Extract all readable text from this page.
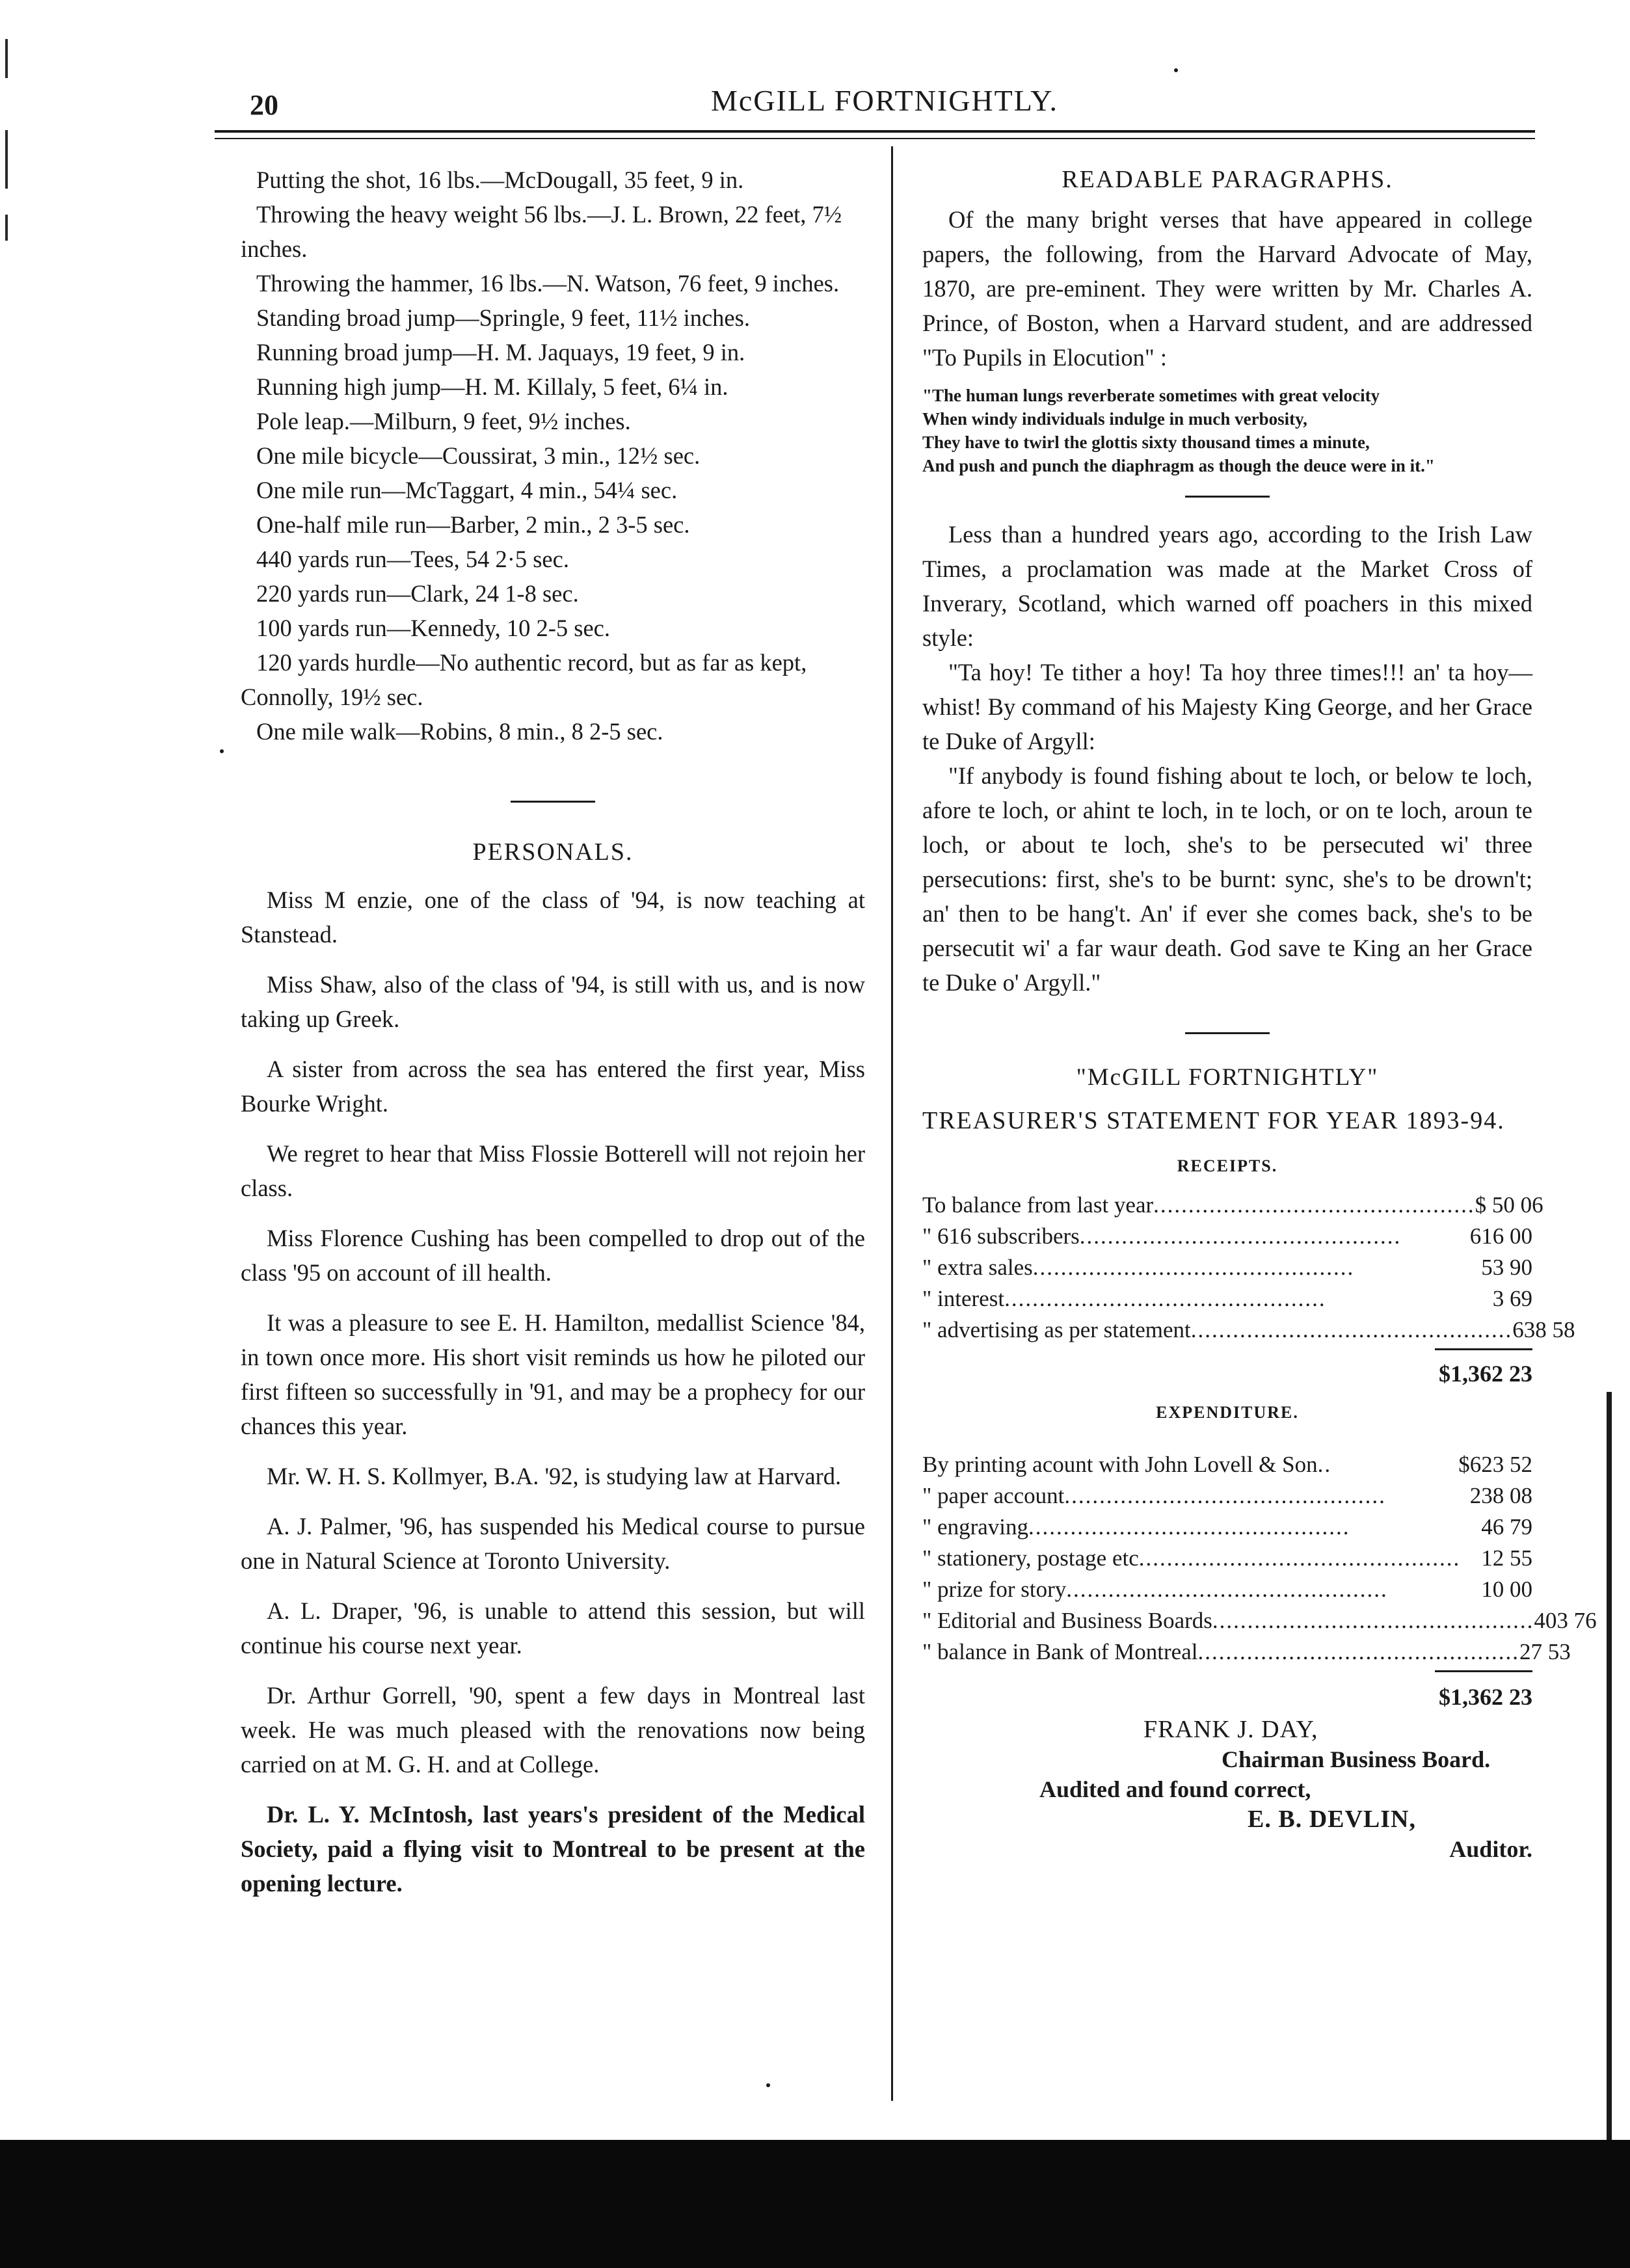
20	McGILL FORTNIGHTLY.

Putting the shot, 16 lbs.—McDougall, 35 feet, 9 in.

Throwing the heavy weight 56 lbs.—J. L. Brown, 22 feet, 7½ inches.

Throwing the hammer, 16 lbs.—N. Watson, 76 feet, 9 inches.

Standing broad jump—Springle, 9 feet, 11½ inches.

Running broad jump—H. M. Jaquays, 19 feet, 9 in.

Running high jump—H. M. Killaly, 5 feet, 6¼ in.

Pole leap.—Milburn, 9 feet, 9½ inches.

One mile bicycle—Coussirat, 3 min., 12½ sec.

One mile run—McTaggart, 4 min., 54¼ sec.

One-half mile run—Barber, 2 min., 2 3-5 sec.

440 yards run—Tees, 54 2·5 sec.

220 yards run—Clark, 24 1-8 sec.

100 yards run—Kennedy, 10 2-5 sec.

120 yards hurdle—No authentic record, but as far as kept, Connolly, 19½ sec.

One mile walk—Robins, 8 min., 8 2-5 sec.

PERSONALS.

Miss M enzie, one of the class of '94, is now teaching at Stanstead.

Miss Shaw, also of the class of '94, is still with us, and is now taking up Greek.

A sister from across the sea has entered the first year, Miss Bourke Wright.

We regret to hear that Miss Flossie Botterell will not rejoin her class.

Miss Florence Cushing has been compelled to drop out of the class '95 on account of ill health.

It was a pleasure to see E. H. Hamilton, medallist Science '84, in town once more. His short visit reminds us how he piloted our first fifteen so successfully in '91, and may be a prophecy for our chances this year.

Mr. W. H. S. Kollmyer, B.A. '92, is studying law at Harvard.

A. J. Palmer, '96, has suspended his Medical course to pursue one in Natural Science at Toronto University.

A. L. Draper, '96, is unable to attend this session, but will continue his course next year.

Dr. Arthur Gorrell, '90, spent a few days in Montreal last week. He was much pleased with the renovations now being carried on at M. G. H. and at College.

Dr. L. Y. McIntosh, last years's president of the Medical Society, paid a flying visit to Montreal to be present at the opening lecture.

READABLE PARAGRAPHS.

Of the many bright verses that have appeared in college papers, the following, from the Harvard Advocate of May, 1870, are pre-eminent. They were written by Mr. Charles A. Prince, of Boston, when a Harvard student, and are addressed "To Pupils in Elocution" :

"The human lungs reverberate sometimes with great velocity

When windy individuals indulge in much verbosity,

They have to twirl the glottis sixty thousand times a minute,

And push and punch the diaphragm as though the deuce were in it."

Less than a hundred years ago, according to the Irish Law Times, a proclamation was made at the Market Cross of Inverary, Scotland, which warned off poachers in this mixed style:

"Ta hoy! Te tither a hoy! Ta hoy three times!!! an' ta hoy—whist! By command of his Majesty King George, and her Grace te Duke of Argyll:

"If anybody is found fishing about te loch, or below te loch, afore te loch, or ahint te loch, in te loch, or on te loch, aroun te loch, or about te loch, she's to be persecuted wi' three persecutions: first, she's to be burnt: sync, she's to be drown't; an' then to be hang't. An' if ever she comes back, she's to be persecutit wi' a far waur death. God save te King an her Grace te Duke o' Argyll."

"McGILL FORTNIGHTLY"

TREASURER'S STATEMENT FOR YEAR 1893-94.

RECEIPTS.

To balance from last year .............................................. $ 50 06
" 616 subscribers ..............................................	616 00
" extra sales ..............................................	53 90
" interest ..............................................	3 69
" advertising as per statement .............................................. 638 58

$1,362 23

EXPENDITURE.

By printing acount with John Lovell & Son ..	$623 52
" paper account ..............................................	238 08
" engraving ..............................................	46 79
" stationery, postage etc .............................................. 12 55
" prize for story ..............................................	10 00
" Editorial and Business Boards .............................................. 403 76
" balance in Bank of Montreal .............................................. 27 53

$1,362 23

FRANK J. DAY,

Chairman Business Board.

Audited and found correct,

E. B. DEVLIN,

Auditor.
